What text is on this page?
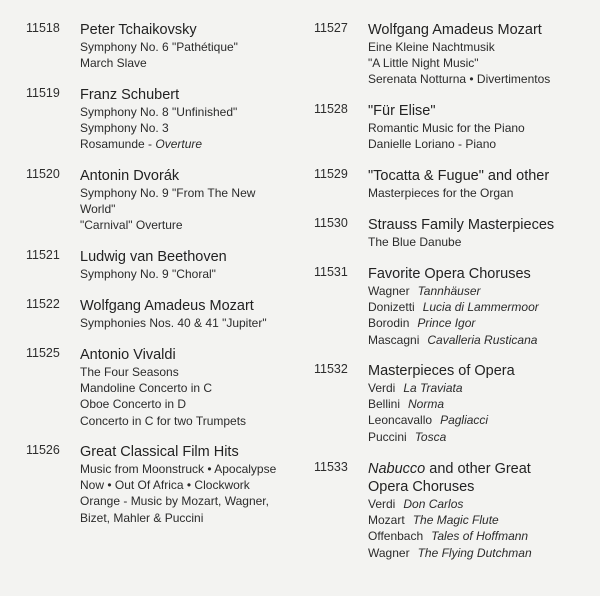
11518 Peter Tchaikovsky
Symphony No. 6 "Pathétique"
March Slave
11519 Franz Schubert
Symphony No. 8 "Unfinished"
Symphony No. 3
Rosamunde - Overture
11520 Antonin Dvorák
Symphony No. 9 "From The New
World"
"Carnival" Overture
11521 Ludwig van Beethoven
Symphony No. 9 "Choral"
11522 Wolfgang Amadeus Mozart
Symphonies Nos. 40 & 41 "Jupiter"
11525 Antonio Vivaldi
The Four Seasons
Mandoline Concerto in C
Oboe Concerto in D
Concerto in C for two Trumpets
11526 Great Classical Film Hits
Music from Moonstruck • Apocalypse
Now • Out Of Africa • Clockwork
Orange - Music by Mozart, Wagner,
Bizet, Mahler & Puccini
11527 Wolfgang Amadeus Mozart
Eine Kleine Nachtmusik
"A Little Night Music"
Serenata Notturna • Divertimentos
11528 "Für Elise"
Romantic Music for the Piano
Danielle Loriano - Piano
11529 "Tocatta & Fugue" and other
Masterpieces for the Organ
11530 Strauss Family Masterpieces
The Blue Danube
11531 Favorite Opera Choruses
Wagner Tannhäuser
Donizetti Lucia di Lammermoor
Borodin Prince Igor
Mascagni Cavalleria Rusticana
11532 Masterpieces of Opera
Verdi La Traviata
Bellini Norma
Leoncavallo Pagliacci
Puccini Tosca
11533 Nabucco and other Great
Opera Choruses
Verdi Don Carlos
Mozart The Magic Flute
Offenbach Tales of Hoffmann
Wagner The Flying Dutchman
